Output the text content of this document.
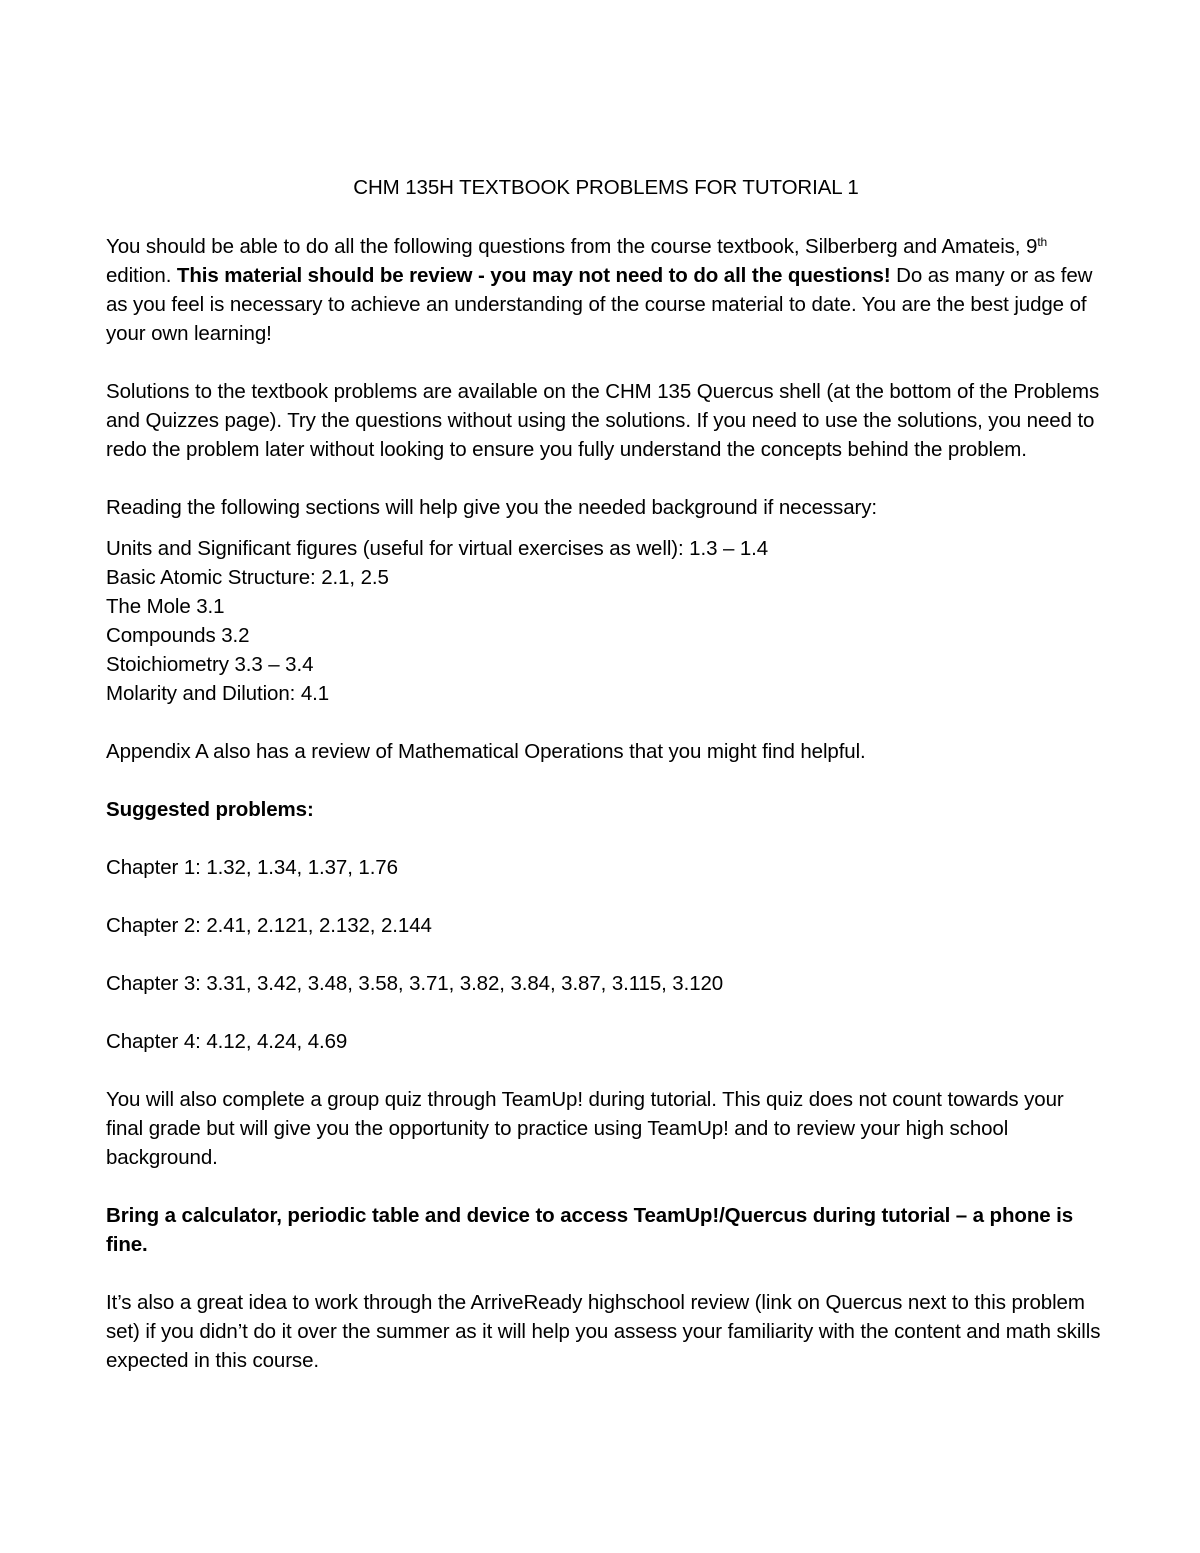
CHM 135H TEXTBOOK PROBLEMS FOR TUTORIAL 1

You should be able to do all the following questions from the course textbook, Silberberg and Amateis, 9th edition. This material should be review - you may not need to do all the questions! Do as many or as few as you feel is necessary to achieve an understanding of the course material to date. You are the best judge of your own learning!

Solutions to the textbook problems are available on the CHM 135 Quercus shell (at the bottom of the Problems and Quizzes page). Try the questions without using the solutions. If you need to use the solutions, you need to redo the problem later without looking to ensure you fully understand the concepts behind the problem.

Reading the following sections will help give you the needed background if necessary:

Units and Significant figures (useful for virtual exercises as well): 1.3 – 1.4
Basic Atomic Structure: 2.1, 2.5
The Mole 3.1
Compounds 3.2
Stoichiometry 3.3 – 3.4
Molarity and Dilution: 4.1

Appendix A also has a review of Mathematical Operations that you might find helpful.

Suggested problems:

Chapter 1: 1.32, 1.34, 1.37, 1.76

Chapter 2: 2.41, 2.121, 2.132, 2.144

Chapter 3: 3.31, 3.42, 3.48, 3.58, 3.71, 3.82, 3.84, 3.87, 3.115, 3.120

Chapter 4: 4.12, 4.24, 4.69

You will also complete a group quiz through TeamUp! during tutorial. This quiz does not count towards your final grade but will give you the opportunity to practice using TeamUp! and to review your high school background.

Bring a calculator, periodic table and device to access TeamUp!/Quercus during tutorial – a phone is fine.

It’s also a great idea to work through the ArriveReady highschool review (link on Quercus next to this problem set) if you didn’t do it over the summer as it will help you assess your familiarity with the content and math skills expected in this course.
